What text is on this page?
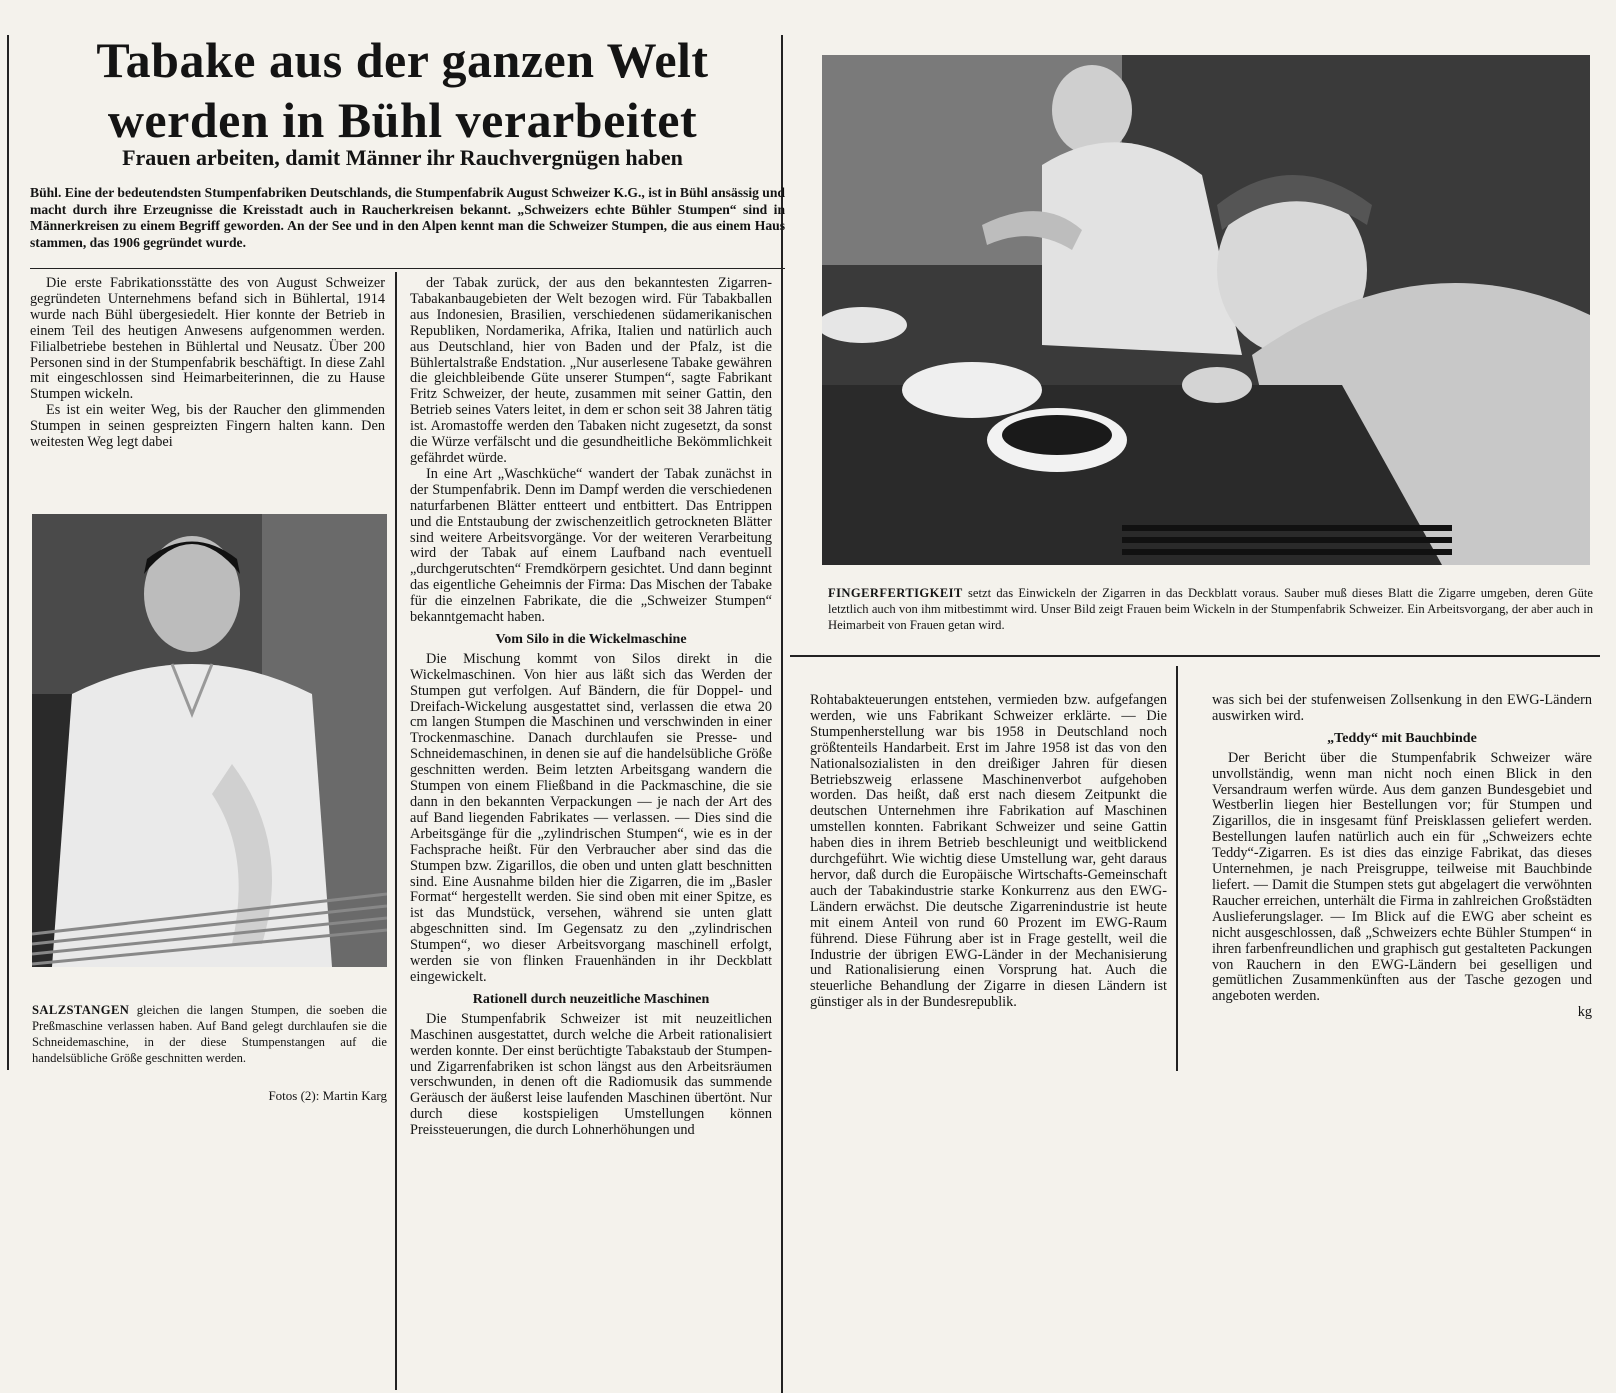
Tabake aus der ganzen Welt
werden in Bühl verarbeitet
Frauen arbeiten, damit Männer ihr Rauchvergnügen haben
Bühl. Eine der bedeutendsten Stumpenfabriken Deutschlands, die Stumpenfabrik August Schweizer K.G., ist in Bühl ansässig und macht durch ihre Erzeugnisse die Kreisstadt auch in Raucherkreisen bekannt. „Schweizers echte Bühler Stumpen“ sind in Männerkreisen zu einem Begriff geworden. An der See und in den Alpen kennt man die Schweizer Stumpen, die aus einem Haus stammen, das 1906 gegründet wurde.

Die erste Fabrikationsstätte des von August Schweizer gegründeten Unternehmens befand sich in Bühlertal, 1914 wurde nach Bühl übergesiedelt. Hier konnte der Betrieb in einem Teil des heutigen Anwesens aufgenommen werden. Filialbetriebe bestehen in Bühlertal und Neusatz. Über 200 Personen sind in der Stumpenfabrik beschäftigt. In diese Zahl mit eingeschlossen sind Heimarbeiterinnen, die zu Hause Stumpen wickeln.

Es ist ein weiter Weg, bis der Raucher den glimmenden Stumpen in seinen gespreizten Fingern halten kann. Den weitesten Weg legt dabei

SALZSTANGEN gleichen die langen Stumpen, die soeben die Preßmaschine verlassen haben. Auf Band gelegt durchlaufen sie die Schneidemaschine, in der diese Stumpenstangen auf die handelsübliche Größe geschnitten werden.
Fotos (2): Martin Karg

der Tabak zurück, der aus den bekanntesten Zigarren-Tabakanbaugebieten der Welt bezogen wird. Für Tabakballen aus Indonesien, Brasilien, verschiedenen südamerikanischen Republiken, Nordamerika, Afrika, Italien und natürlich auch aus Deutschland, hier von Baden und der Pfalz, ist die Bühlertalstraße Endstation. „Nur auserlesene Tabake gewähren die gleichbleibende Güte unserer Stumpen“, sagte Fabrikant Fritz Schweizer, der heute, zusammen mit seiner Gattin, den Betrieb seines Vaters leitet, in dem er schon seit 38 Jahren tätig ist. Aromastoffe werden den Tabaken nicht zugesetzt, da sonst die Würze verfälscht und die gesundheitliche Bekömmlichkeit gefährdet würde.

In eine Art „Waschküche“ wandert der Tabak zunächst in der Stumpenfabrik. Denn im Dampf werden die verschiedenen naturfarbenen Blätter entteert und entbittert. Das Entrippen und die Entstaubung der zwischenzeitlich getrockneten Blätter sind weitere Arbeitsvorgänge. Vor der weiteren Verarbeitung wird der Tabak auf einem Laufband nach eventuell „durchgerutschten“ Fremdkörpern gesichtet. Und dann beginnt das eigentliche Geheimnis der Firma: Das Mischen der Tabake für die einzelnen Fabrikate, die die „Schweizer Stumpen“ bekanntgemacht haben.

Vom Silo in die Wickelmaschine

Die Mischung kommt von Silos direkt in die Wickelmaschinen. Von hier aus läßt sich das Werden der Stumpen gut verfolgen. Auf Bändern, die für Doppel- und Dreifach-Wickelung ausgestattet sind, verlassen die etwa 20 cm langen Stumpen die Maschinen und verschwinden in einer Trockenmaschine. Danach durchlaufen sie Presse- und Schneidemaschinen, in denen sie auf die handelsübliche Größe geschnitten werden. Beim letzten Arbeitsgang wandern die Stumpen von einem Fließband in die Packmaschine, die sie dann in den bekannten Verpackungen — je nach der Art des auf Band liegenden Fabrikates — verlassen. — Dies sind die Arbeitsgänge für die „zylindrischen Stumpen“, wie es in der Fachsprache heißt. Für den Verbraucher aber sind das die Stumpen bzw. Zigarillos, die oben und unten glatt beschnitten sind. Eine Ausnahme bilden hier die Zigarren, die im „Basler Format“ hergestellt werden. Sie sind oben mit einer Spitze, es ist das Mundstück, versehen, während sie unten glatt abgeschnitten sind. Im Gegensatz zu den „zylindrischen Stumpen“, wo dieser Arbeitsvorgang maschinell erfolgt, werden sie von flinken Frauenhänden in ihr Deckblatt eingewickelt.

Rationell durch neuzeitliche Maschinen

Die Stumpenfabrik Schweizer ist mit neuzeitlichen Maschinen ausgestattet, durch welche die Arbeit rationalisiert werden konnte. Der einst berüchtigte Tabakstaub der Stumpen- und Zigarrenfabriken ist schon längst aus den Arbeitsräumen verschwunden, in denen oft die Radiomusik das summende Geräusch der äußerst leise laufenden Maschinen übertönt. Nur durch diese kostspieligen Umstellungen können Preissteuerungen, die durch Lohnerhöhungen und

FINGERFERTIGKEIT setzt das Einwickeln der Zigarren in das Deckblatt voraus. Sauber muß dieses Blatt die Zigarre umgeben, deren Güte letztlich auch von ihm mitbestimmt wird. Unser Bild zeigt Frauen beim Wickeln in der Stumpenfabrik Schweizer. Ein Arbeitsvorgang, der aber auch in Heimarbeit von Frauen getan wird.

Rohtabakteuerungen entstehen, vermieden bzw. aufgefangen werden, wie uns Fabrikant Schweizer erklärte. — Die Stumpenherstellung war bis 1958 in Deutschland noch größtenteils Handarbeit. Erst im Jahre 1958 ist das von den Nationalsozialisten in den dreißiger Jahren für diesen Betriebszweig erlassene Maschinenverbot aufgehoben worden. Das heißt, daß erst nach diesem Zeitpunkt die deutschen Unternehmen ihre Fabrikation auf Maschinen umstellen konnten. Fabrikant Schweizer und seine Gattin haben dies in ihrem Betrieb beschleunigt und weitblickend durchgeführt. Wie wichtig diese Umstellung war, geht daraus hervor, daß durch die Europäische Wirtschafts-Gemeinschaft auch der Tabakindustrie starke Konkurrenz aus den EWG-Ländern erwächst. Die deutsche Zigarrenindustrie ist heute mit einem Anteil von rund 60 Prozent im EWG-Raum führend. Diese Führung aber ist in Frage gestellt, weil die Industrie der übrigen EWG-Länder in der Mechanisierung und Rationalisierung einen Vorsprung hat. Auch die steuerliche Behandlung der Zigarre in diesen Ländern ist günstiger als in der Bundesrepublik.

was sich bei der stufenweisen Zollsenkung in den EWG-Ländern auswirken wird.

„Teddy“ mit Bauchbinde

Der Bericht über die Stumpenfabrik Schweizer wäre unvollständig, wenn man nicht noch einen Blick in den Versandraum werfen würde. Aus dem ganzen Bundesgebiet und Westberlin liegen hier Bestellungen vor; für Stumpen und Zigarillos, die in insgesamt fünf Preisklassen geliefert werden. Bestellungen laufen natürlich auch ein für „Schweizers echte Teddy“-Zigarren. Es ist dies das einzige Fabrikat, das dieses Unternehmen, je nach Preisgruppe, teilweise mit Bauchbinde liefert. — Damit die Stumpen stets gut abgelagert die verwöhnten Raucher erreichen, unterhält die Firma in zahlreichen Großstädten Auslieferungslager. — Im Blick auf die EWG aber scheint es nicht ausgeschlossen, daß „Schweizers echte Bühler Stumpen“ in ihren farbenfreundlichen und graphisch gut gestalteten Packungen von Rauchern in den EWG-Ländern bei geselligen und gemütlichen Zusammenkünften aus der Tasche gezogen und angeboten werden.

kg
